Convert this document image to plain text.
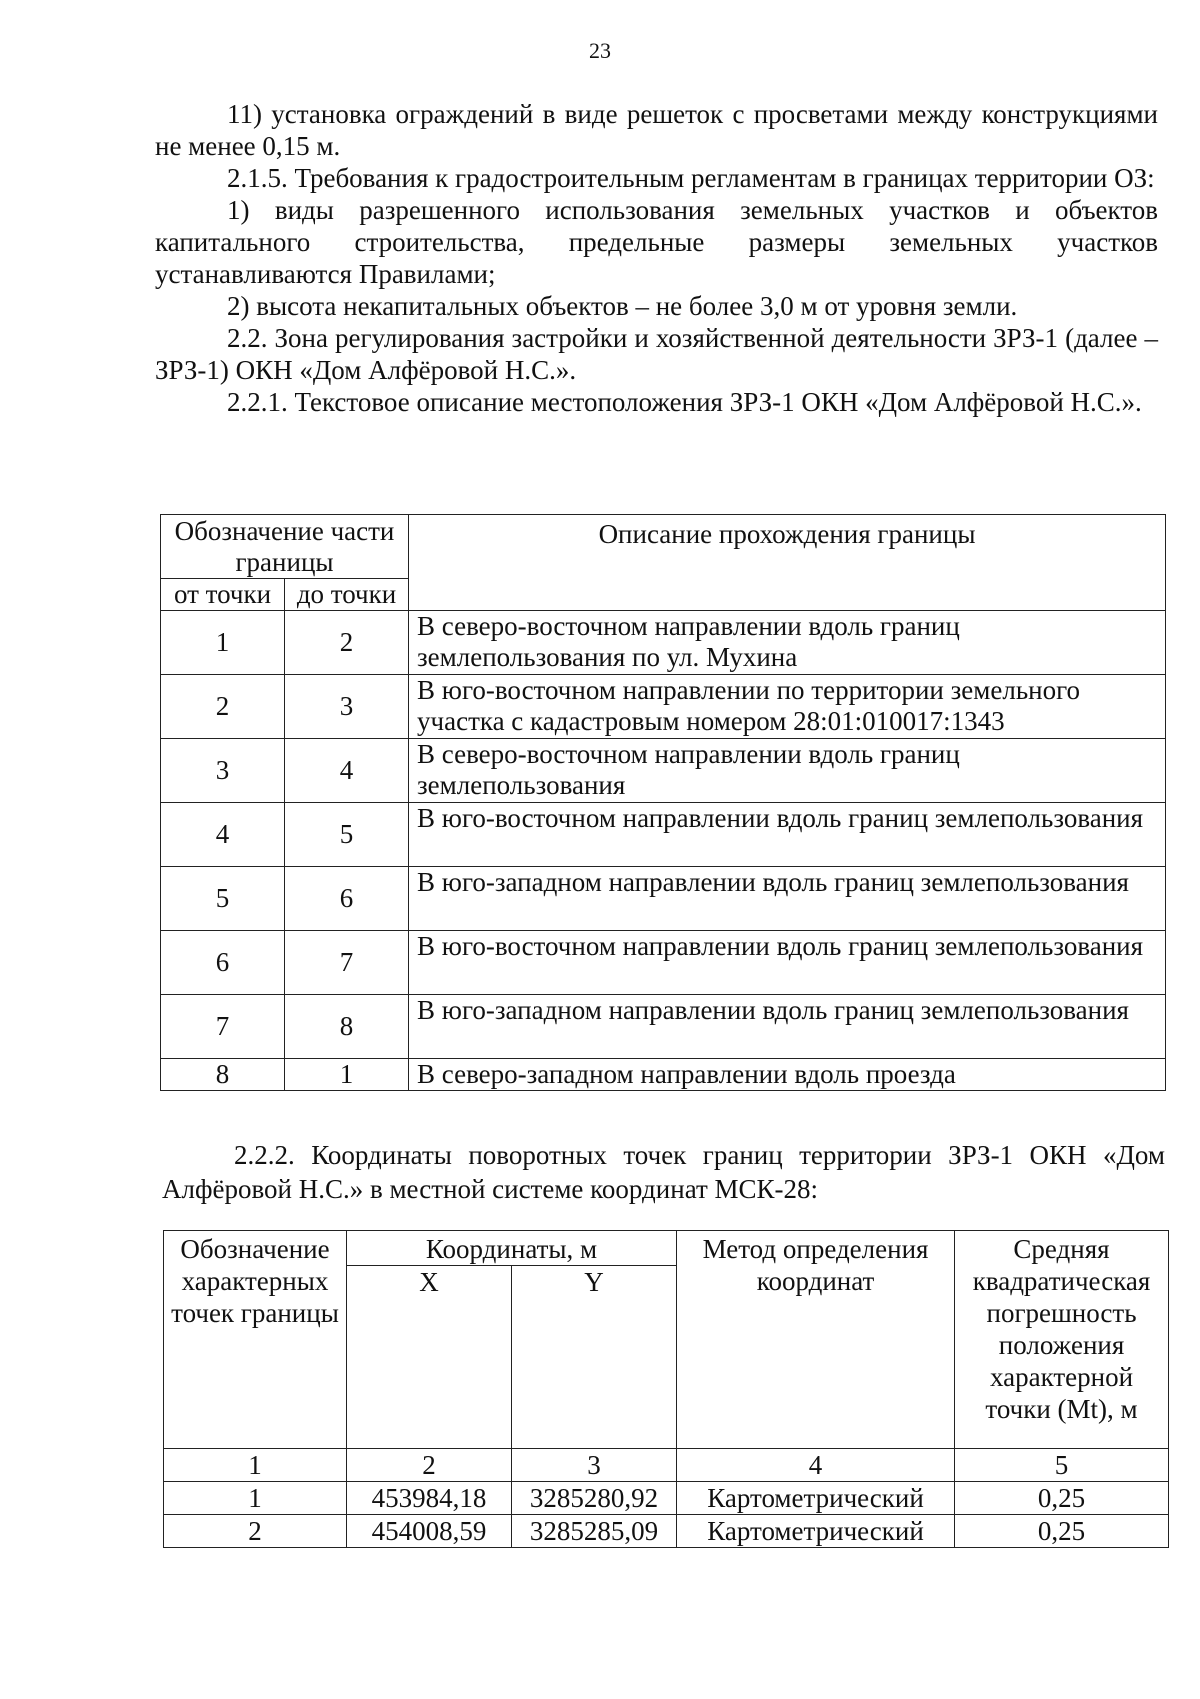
23

11) установка ограждений в виде решеток с просветами между конструкциями не менее 0,15 м.

2.1.5. Требования к градостроительным регламентам в границах территории ОЗ:

1) виды разрешенного использования земельных участков и объектов капитального строительства, предельные размеры земельных участков устанавливаются Правилами;

2) высота некапитальных объектов – не более 3,0 м от уровня земли.

2.2. Зона регулирования застройки и хозяйственной деятельности ЗРЗ-1 (далее – ЗРЗ-1) ОКН «Дом Алфёровой Н.С.».

2.2.1. Текстовое описание местоположения ЗРЗ-1 ОКН «Дом Алфёровой Н.С.».

Обозначение части границы		Описание прохождения границы
от точки	до точки	
1	2	В северо-восточном направлении вдоль границ землепользования по ул. Мухина
2	3	В юго-восточном направлении по территории земельного участка с кадастровым номером 28:01:010017:1343
3	4	В северо-восточном направлении вдоль границ землепользования
4	5	В юго-восточном направлении вдоль границ землепользования
5	6	В юго-западном направлении вдоль границ землепользования
6	7	В юго-восточном направлении вдоль границ землепользования
7	8	В юго-западном направлении вдоль границ землепользования
8	1	В северо-западном направлении вдоль проезда

2.2.2. Координаты поворотных точек границ территории ЗРЗ-1 ОКН «Дом Алфёровой Н.С.» в местной системе координат МСК-28:

Обозначение характерных точек границы	Координаты, м		Метод определения координат	Средняя квадратическая погрешность положения характерной точки (Mt), м
	X	Y		
1	2	3	4	5
1	453984,18	3285280,92	Картометрический	0,25
2	454008,59	3285285,09	Картометрический	0,25
